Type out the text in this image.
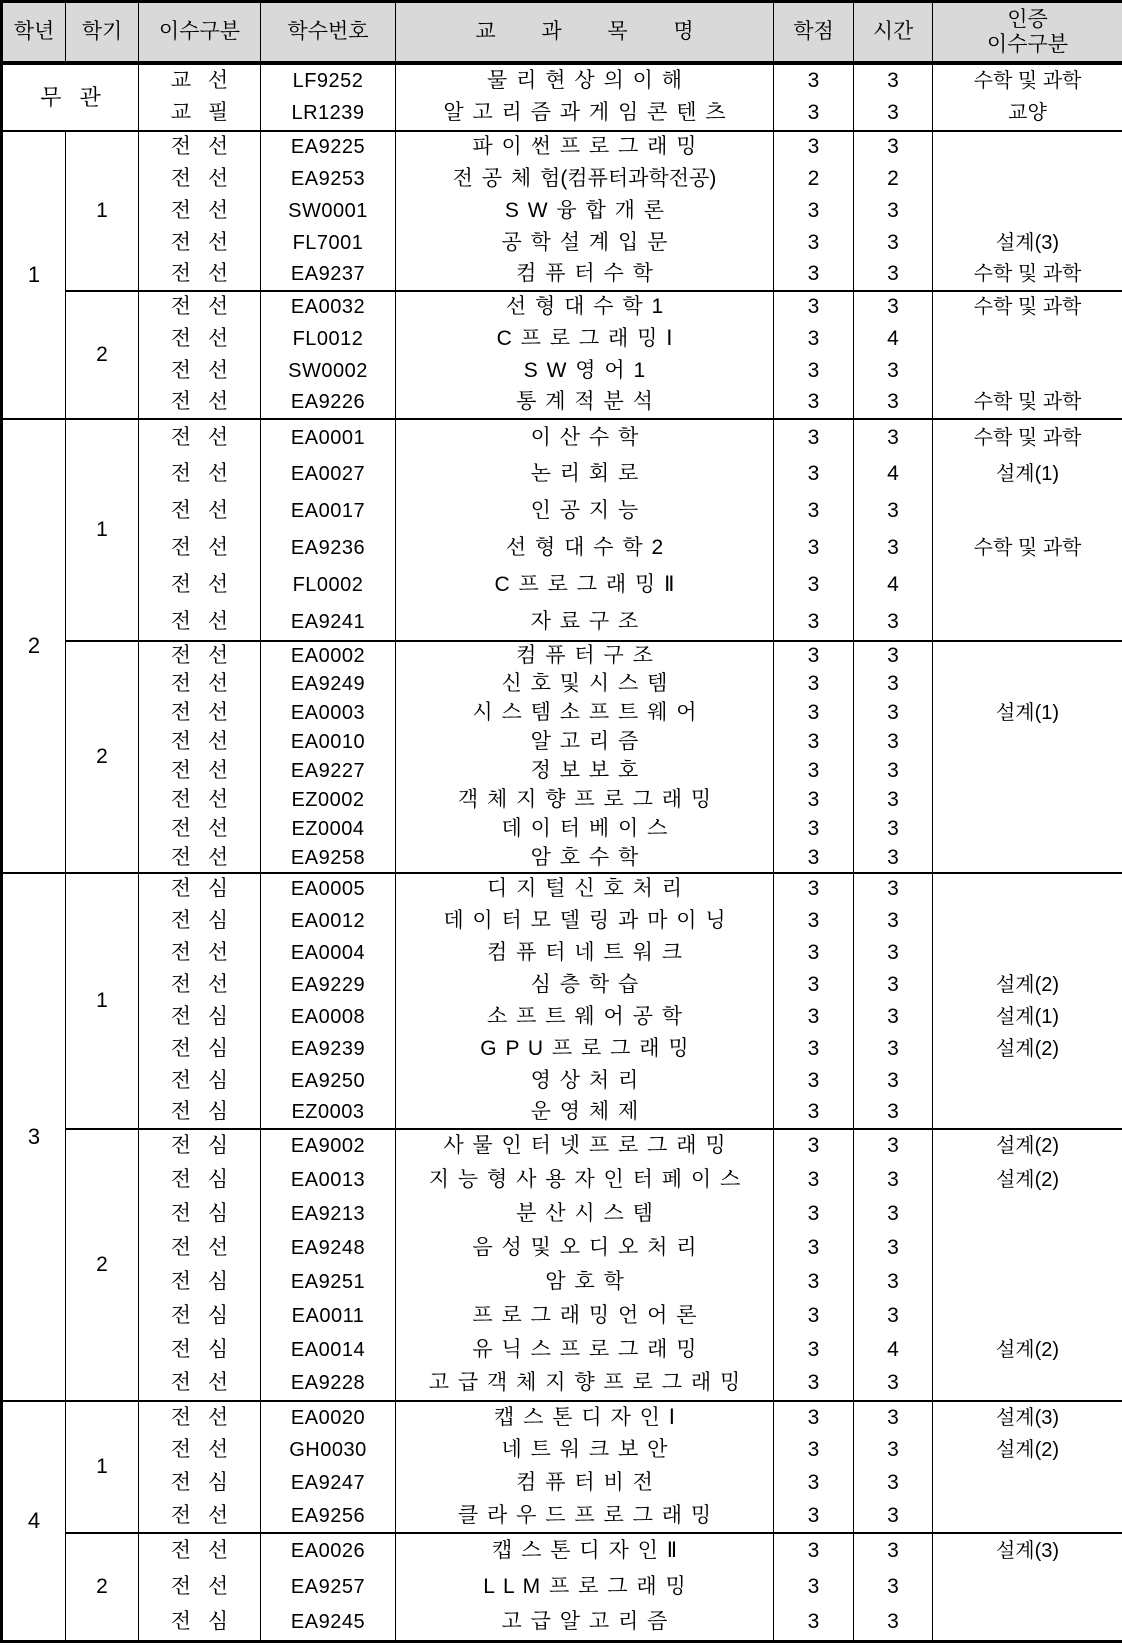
학년	학기	이수구분	학수번호	교 과 목 명	학점	시간	인증
이수구분

무 관		교 선	LF9252	물 리 현 상 의 이 해	3	3	수학 및 과학
		교 필	LR1239	알 고 리 즘 과 게 임 콘 텐 츠	3	3	교양
1	1	전 선	EA9225	파 이 썬 프 로 그 래 밍	3	3	
		전 선	EA9253	전 공 체 험(컴퓨터과학전공)	2	2	
		전 선	SW0001	S W 융 합 개 론	3	3	
		전 선	FL7001	공 학 설 계 입 문	3	3	설계(3)
		전 선	EA9237	컴 퓨 터 수 학	3	3	수학 및 과학
	2	전 선	EA0032	선 형 대 수 학 1	3	3	수학 및 과학
		전 선	FL0012	C 프 로 그 래 밍 Ⅰ	3	4	
		전 선	SW0002	S W 영 어 1	3	3	
		전 선	EA9226	통 계 적 분 석	3	3	수학 및 과학
2	1	전 선	EA0001	이 산 수 학	3	3	수학 및 과학
		전 선	EA0027	논 리 회 로	3	4	설계(1)
		전 선	EA0017	인 공 지 능	3	3	
		전 선	EA9236	선 형 대 수 학 2	3	3	수학 및 과학
		전 선	FL0002	C 프 로 그 래 밍 Ⅱ	3	4	
		전 선	EA9241	자 료 구 조	3	3	
	2	전 선	EA0002	컴 퓨 터 구 조	3	3	
		전 선	EA9249	신 호 및 시 스 템	3	3	
		전 선	EA0003	시 스 템 소 프 트 웨 어	3	3	설계(1)
		전 선	EA0010	알 고 리 즘	3	3	
		전 선	EA9227	정 보 보 호	3	3	
		전 선	EZ0002	객 체 지 향 프 로 그 래 밍	3	3	
		전 선	EZ0004	데 이 터 베 이 스	3	3	
		전 선	EA9258	암 호 수 학	3	3	
3	1	전 심	EA0005	디 지 털 신 호 처 리	3	3	
		전 심	EA0012	데 이 터 모 델 링 과 마 이 닝	3	3	
		전 선	EA0004	컴 퓨 터 네 트 워 크	3	3	
		전 선	EA9229	심 층 학 습	3	3	설계(2)
		전 심	EA0008	소 프 트 웨 어 공 학	3	3	설계(1)
		전 심	EA9239	G P U 프 로 그 래 밍	3	3	설계(2)
		전 심	EA9250	영 상 처 리	3	3	
		전 심	EZ0003	운 영 체 제	3	3	
	2	전 심	EA9002	사 물 인 터 넷 프 로 그 래 밍	3	3	설계(2)
		전 심	EA0013	지 능 형 사 용 자 인 터 페 이 스	3	3	설계(2)
		전 심	EA9213	분 산 시 스 템	3	3	
		전 선	EA9248	음 성 및 오 디 오 처 리	3	3	
		전 심	EA9251	암 호 학	3	3	
		전 심	EA0011	프 로 그 래 밍 언 어 론	3	3	
		전 심	EA0014	유 닉 스 프 로 그 래 밍	3	4	설계(2)
		전 선	EA9228	고 급 객 체 지 향 프 로 그 래 밍	3	3	
4	1	전 선	EA0020	캡 스 톤 디 자 인 Ⅰ	3	3	설계(3)
		전 선	GH0030	네 트 워 크 보 안	3	3	설계(2)
		전 심	EA9247	컴 퓨 터 비 전	3	3	
		전 선	EA9256	클 라 우 드 프 로 그 래 밍	3	3	
	2	전 선	EA0026	캡 스 톤 디 자 인 Ⅱ	3	3	설계(3)
		전 선	EA9257	L L M 프 로 그 래 밍	3	3	
		전 심	EA9245	고 급 알 고 리 즘	3	3	
